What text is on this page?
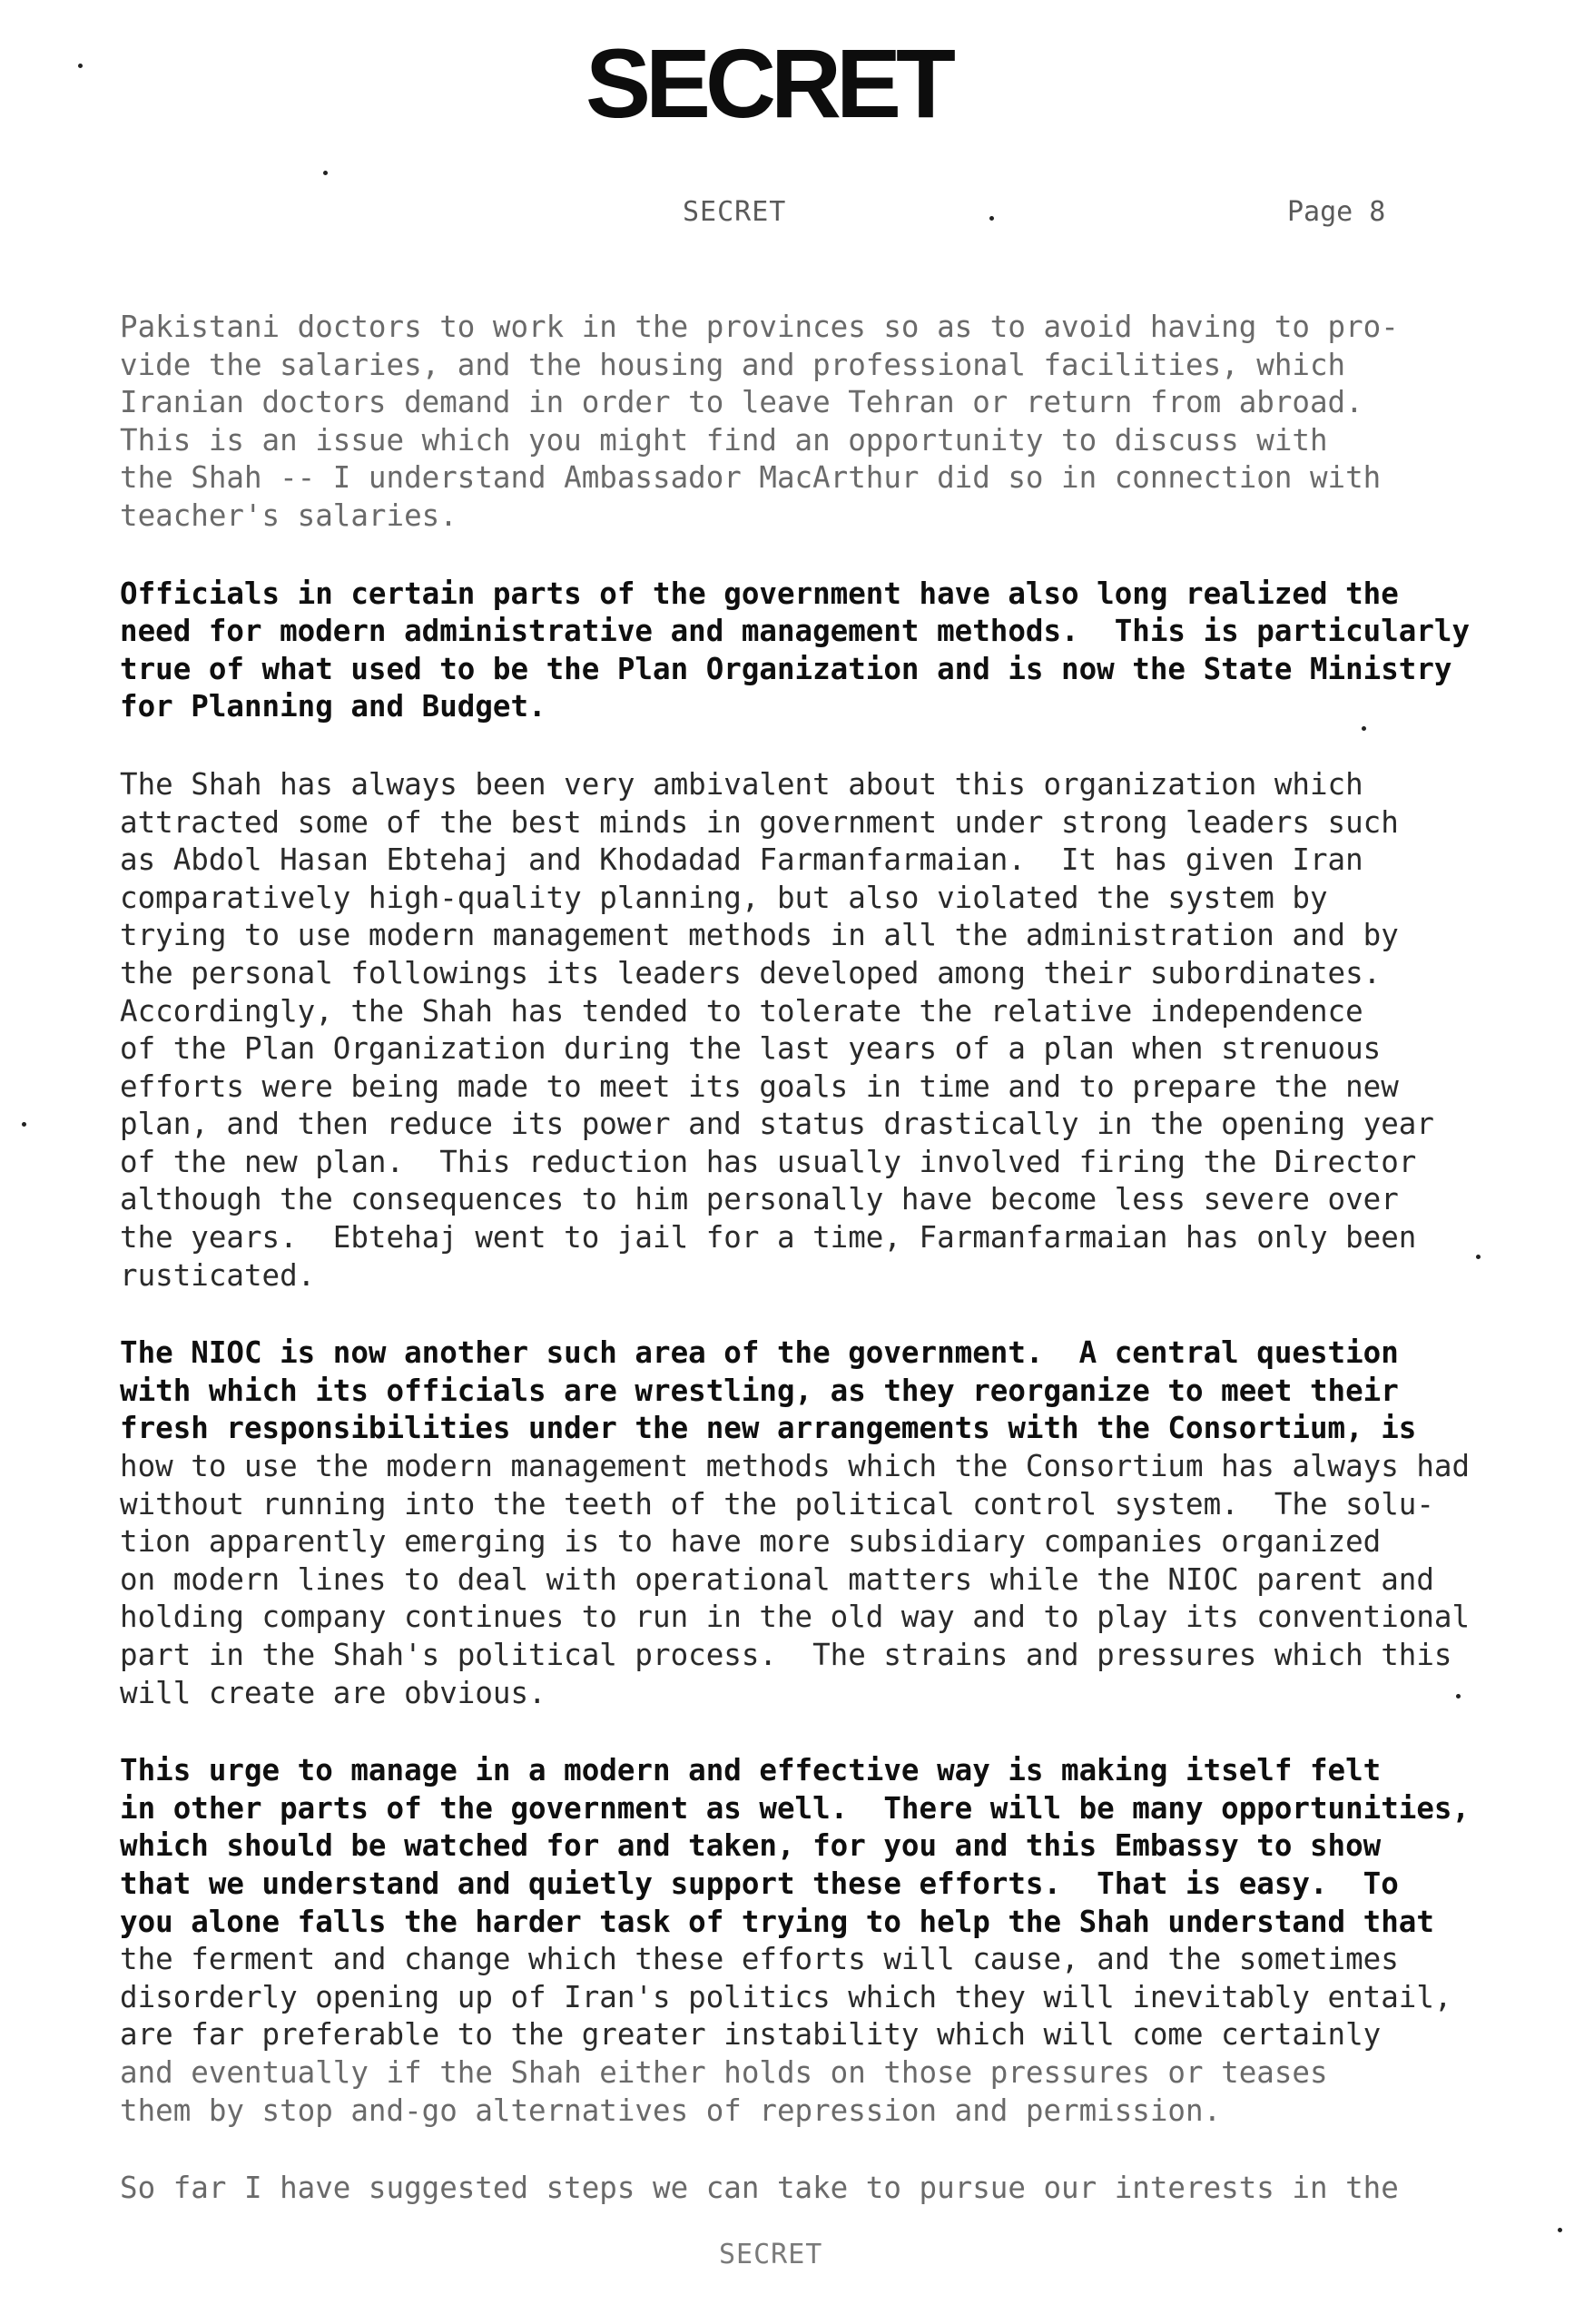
SECRET
SECRET	Page 8
Pakistani doctors to work in the provinces so as to avoid having to pro-
vide the salaries, and the housing and professional facilities, which
Iranian doctors demand in order to leave Tehran or return from abroad.
This is an issue which you might find an opportunity to discuss with
the Shah -- I understand Ambassador MacArthur did so in connection with
teacher's salaries.
Officials in certain parts of the government have also long realized the
need for modern administrative and management methods.  This is particularly
true of what used to be the Plan Organization and is now the State Ministry
for Planning and Budget.
The Shah has always been very ambivalent about this organization which
attracted some of the best minds in government under strong leaders such
as Abdol Hasan Ebtehaj and Khodadad Farmanfarmaian.  It has given Iran
comparatively high-quality planning, but also violated the system by
trying to use modern management methods in all the administration and by
the personal followings its leaders developed among their subordinates.
Accordingly, the Shah has tended to tolerate the relative independence
of the Plan Organization during the last years of a plan when strenuous
efforts were being made to meet its goals in time and to prepare the new
plan, and then reduce its power and status drastically in the opening year
of the new plan.  This reduction has usually involved firing the Director
although the consequences to him personally have become less severe over
the years.  Ebtehaj went to jail for a time, Farmanfarmaian has only been
rusticated.
The NIOC is now another such area of the government.  A central question
with which its officials are wrestling, as they reorganize to meet their
fresh responsibilities under the new arrangements with the Consortium, is
how to use the modern management methods which the Consortium has always had
without running into the teeth of the political control system.  The solu-
tion apparently emerging is to have more subsidiary companies organized
on modern lines to deal with operational matters while the NIOC parent and
holding company continues to run in the old way and to play its conventional
part in the Shah's political process.  The strains and pressures which this
will create are obvious.
This urge to manage in a modern and effective way is making itself felt
in other parts of the government as well.  There will be many opportunities,
which should be watched for and taken, for you and this Embassy to show
that we understand and quietly support these efforts.  That is easy.  To
you alone falls the harder task of trying to help the Shah understand that
the ferment and change which these efforts will cause, and the sometimes
disorderly opening up of Iran's politics which they will inevitably entail,
are far preferable to the greater instability which will come certainly
and eventually if the Shah either holds on those pressures or teases
them by stop and-go alternatives of repression and permission.
So far I have suggested steps we can take to pursue our interests in the
SECRET
